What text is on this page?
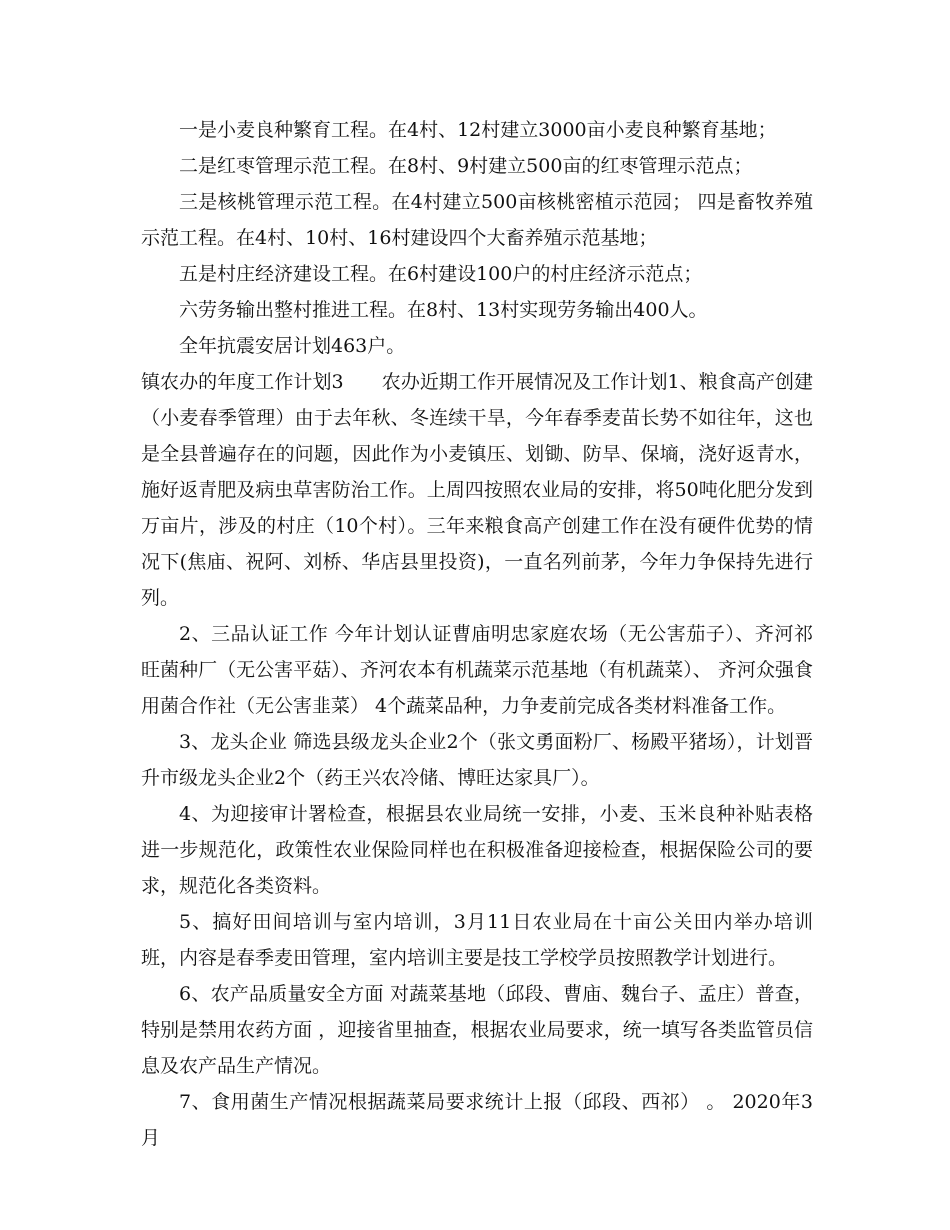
一是小麦良种繁育工程。在4村、12村建立3000亩小麦良种繁育基地；

二是红枣管理示范工程。在8村、9村建立500亩的红枣管理示范点；

三是核桃管理示范工程。在4村建立500亩核桃密植示范园； 四是畜牧养殖示范工程。在4村、10村、16村建设四个大畜养殖示范基地；

五是村庄经济建设工程。在6村建设100户的村庄经济示范点；

六劳务输出整村推进工程。在8村、13村实现劳务输出400人。

全年抗震安居计划463户。

镇农办的年度工作计划3　　农办近期工作开展情况及工作计划1、粮食高产创建（小麦春季管理）由于去年秋、冬连续干旱，今年春季麦苗长势不如往年，这也是全县普遍存在的问题，因此作为小麦镇压、划锄、防旱、保墒，浇好返青水，施好返青肥及病虫草害防治工作。上周四按照农业局的安排，将50吨化肥分发到万亩片，涉及的村庄（10个村）。三年来粮食高产创建工作在没有硬件优势的情况下(焦庙、祝阿、刘桥、华店县里投资)，一直名列前茅，今年力争保持先进行列。

2、三品认证工作 今年计划认证曹庙明忠家庭农场（无公害茄子）、齐河祁旺菌种厂（无公害平菇）、齐河农本有机蔬菜示范基地（有机蔬菜）、 齐河众强食用菌合作社（无公害韭菜） 4个蔬菜品种，力争麦前完成各类材料准备工作。

3、龙头企业 筛选县级龙头企业2个（张文勇面粉厂、杨殿平猪场），计划晋升市级龙头企业2个（药王兴农冷储、博旺达家具厂）。

4、为迎接审计署检查，根据县农业局统一安排，小麦、玉米良种补贴表格进一步规范化，政策性农业保险同样也在积极准备迎接检查，根据保险公司的要求，规范化各类资料。

5、搞好田间培训与室内培训，3月11日农业局在十亩公关田内举办培训班，内容是春季麦田管理，室内培训主要是技工学校学员按照教学计划进行。

6、农产品质量安全方面 对蔬菜基地（邱段、曹庙、魏台子、孟庄）普查，特别是禁用农药方面 ，迎接省里抽查，根据农业局要求，统一填写各类监管员信息及农产品生产情况。

7、食用菌生产情况根据蔬菜局要求统计上报（邱段、西祁） 。 2020年3月
